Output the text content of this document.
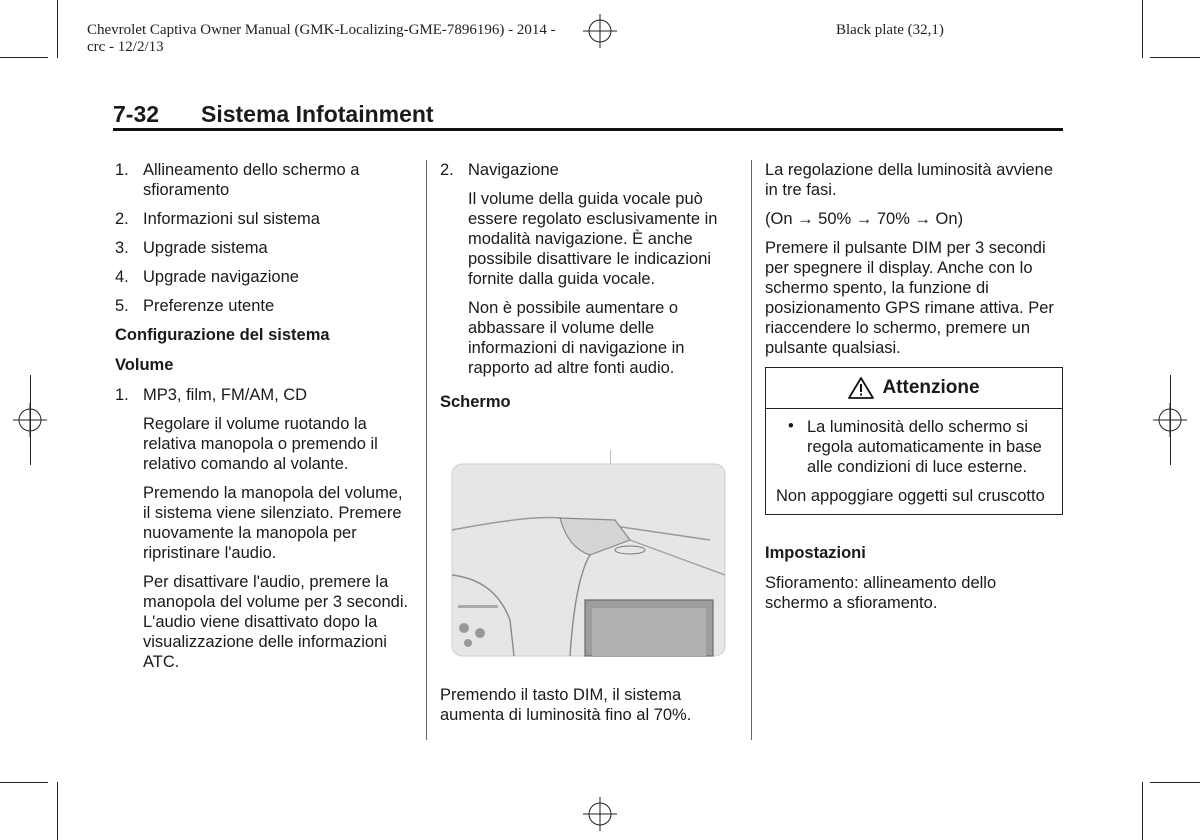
Chevrolet Captiva Owner Manual (GMK-Localizing-GME-7896196) - 2014 -
crc - 12/2/13
Black plate (32,1)
7-32 Sistema Infotainment
1. Allineamento dello schermo a sfioramento
2. Informazioni sul sistema
3. Upgrade sistema
4. Upgrade navigazione
5. Preferenze utente
Configurazione del sistema
Volume
1. MP3, film, FM/AM, CD
Regolare il volume ruotando la relativa manopola o premendo il relativo comando al volante.
Premendo la manopola del volume, il sistema viene silenziato. Premere nuovamente la manopola per ripristinare l'audio.
Per disattivare l'audio, premere la manopola del volume per 3 secondi. L'audio viene disattivato dopo la visualizzazione delle informazioni ATC.
2. Navigazione
Il volume della guida vocale può essere regolato esclusivamente in modalità navigazione. È anche possibile disattivare le indicazioni fornite dalla guida vocale.
Non è possibile aumentare o abbassare il volume delle informazioni di navigazione in rapporto ad altre fonti audio.
Schermo
Premendo il tasto DIM, il sistema aumenta di luminosità fino al 70%.
La regolazione della luminosità avviene in tre fasi.
(On → 50% → 70% → On)
Premere il pulsante DIM per 3 secondi per spegnere il display. Anche con lo schermo spento, la funzione di posizionamento GPS rimane attiva. Per riaccendere lo schermo, premere un pulsante qualsiasi.
Attenzione
• La luminosità dello schermo si regola automaticamente in base alle condizioni di luce esterne.
Non appoggiare oggetti sul cruscotto
Impostazioni
Sfioramento: allineamento dello schermo a sfioramento.
